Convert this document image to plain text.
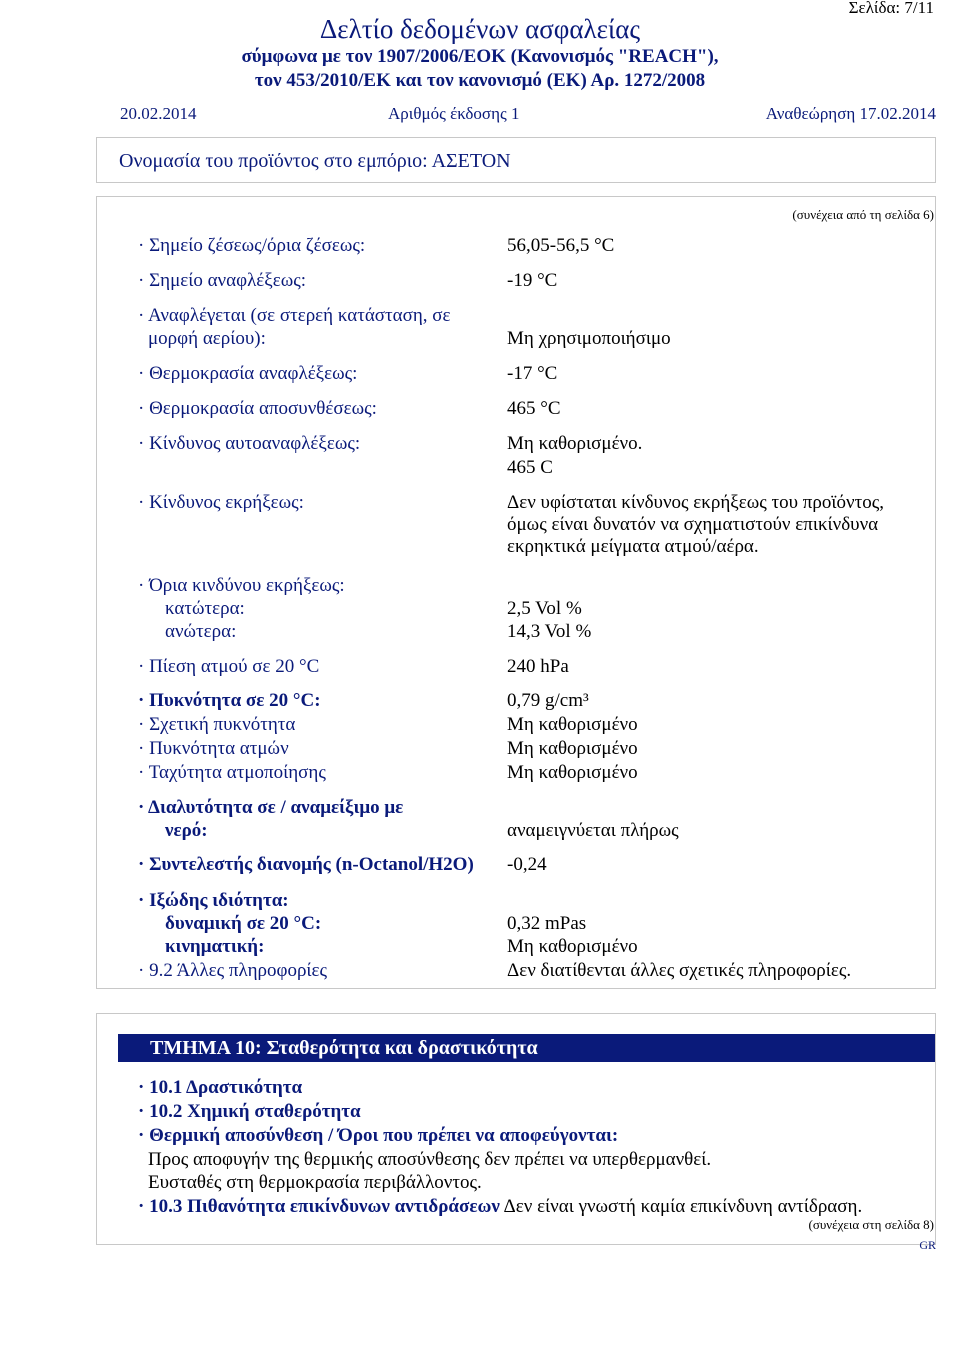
Σελίδα: 7/11
Δελτίο δεδομένων ασφαλείας
σύμφωνα με τον 1907/2006/ΕΟΚ (Κανονισμός "REACH"),
τον 453/2010/ΕΚ και τον κανονισμό (ΕΚ) Αρ. 1272/2008
20.02.2014	Αριθμός έκδοσης 1	Αναθεώρηση 17.02.2014
Ονομασία του προϊόντος στο εμπόριο: ΑΣΕΤΟΝ
(συνέχεια από τη σελίδα 6)
· Σημείο ζέσεως/όρια ζέσεως:	56,05-56,5 °C
· Σημείο αναφλέξεως:	-19 °C
· Αναφλέγεται (σε στερεή κατάσταση, σε
μορφή αερίου):	Μη χρησιμοποιήσιμο
· Θερμοκρασία αναφλέξεως:	-17 °C
· Θερμοκρασία αποσυνθέσεως:	465 °C
· Κίνδυνος αυτοαναφλέξεως:	Μη καθορισμένο.
465 C
· Κίνδυνος εκρήξεως:	Δεν υφίσταται κίνδυνος εκρήξεως του προϊόντος,
όμως είναι δυνατόν να σχηματιστούν επικίνδυνα
εκρηκτικά μείγματα ατμού/αέρα.
· Όρια κινδύνου εκρήξεως:
κατώτερα:	2,5 Vol %
ανώτερα:	14,3 Vol %
· Πίεση ατμού σε 20 °C	240 hPa
· Πυκνότητα σε 20 °C:	0,79 g/cm³
· Σχετική πυκνότητα	Μη καθορισμένο
· Πυκνότητα ατμών	Μη καθορισμένο
· Ταχύτητα ατμοποίησης	Μη καθορισμένο
· Διαλυτότητα σε / αναμείξιμο με
νερό:	αναμειγνύεται πλήρως
· Συντελεστής διανομής (n-Octanol/H2O) -0,24
· Ιξώδης ιδιότητα:
δυναμική σε 20 °C:	0,32 mPas
κινηματική:	Μη καθορισμένο
· 9.2 Άλλες πληροφορίες	Δεν διατίθενται άλλες σχετικές πληροφορίες.
ΤΜΗΜΑ 10: Σταθερότητα και δραστικότητα
· 10.1 Δραστικότητα
· 10.2 Χημική σταθερότητα
· Θερμική αποσύνθεση / Όροι που πρέπει να αποφεύγονται:
Προς αποφυγήν της θερμικής αποσύνθεσης δεν πρέπει να υπερθερμανθεί.
Ευσταθές στη θερμοκρασία περιβάλλοντος.
· 10.3 Πιθανότητα επικίνδυνων αντιδράσεων Δεν είναι γνωστή καμία επικίνδυνη αντίδραση.
(συνέχεια στη σελίδα 8)
GR
